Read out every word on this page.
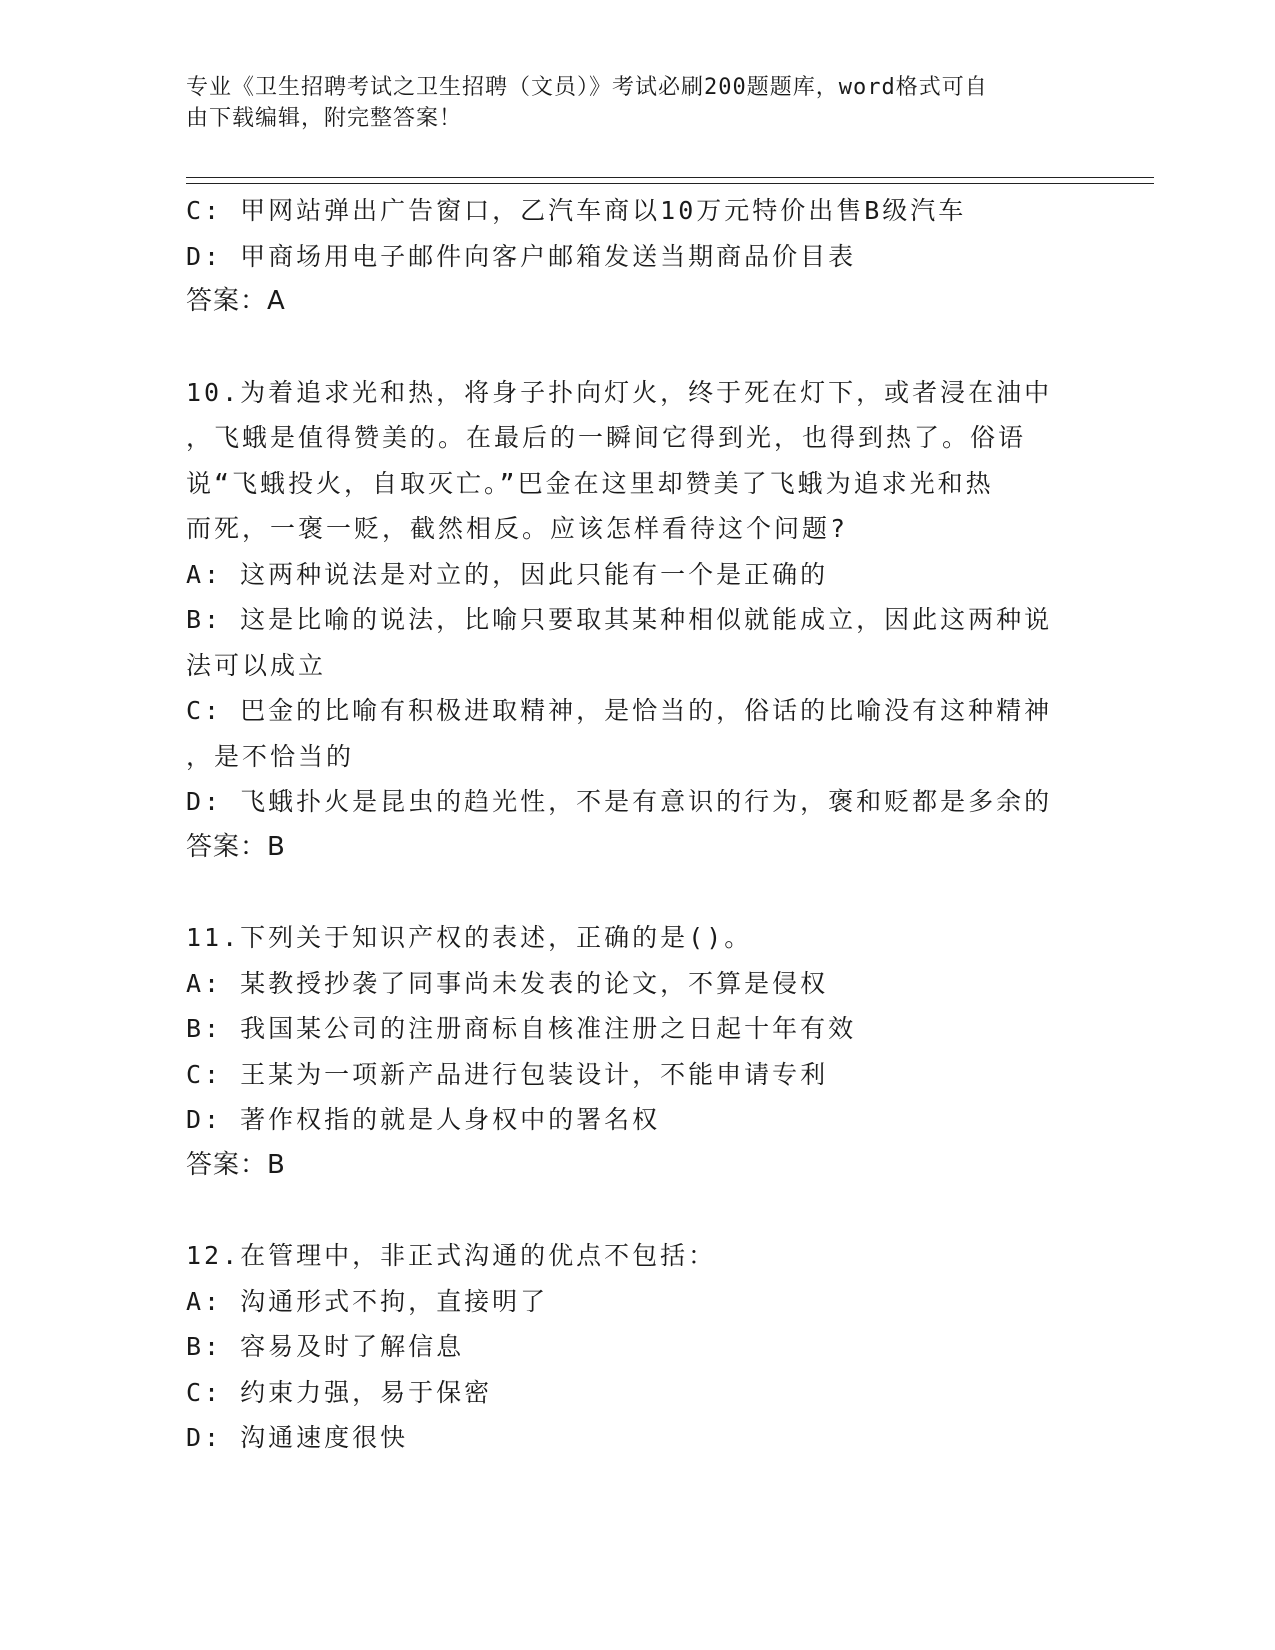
专业《卫生招聘考试之卫生招聘（文员）》考试必刷200题题库，word格式可自
由下载编辑，附完整答案！
C: 甲网站弹出广告窗口，乙汽车商以10万元特价出售B级汽车
D: 甲商场用电子邮件向客户邮箱发送当期商品价目表
答案：A
10.为着追求光和热，将身子扑向灯火，终于死在灯下，或者浸在油中
，飞蛾是值得赞美的。在最后的一瞬间它得到光，也得到热了。俗语
说“飞蛾投火，自取灭亡。”巴金在这里却赞美了飞蛾为追求光和热
而死，一褒一贬，截然相反。应该怎样看待这个问题?
A: 这两种说法是对立的，因此只能有一个是正确的
B: 这是比喻的说法，比喻只要取其某种相似就能成立，因此这两种说
法可以成立
C: 巴金的比喻有积极进取精神，是恰当的，俗话的比喻没有这种精神
，是不恰当的
D: 飞蛾扑火是昆虫的趋光性，不是有意识的行为，褒和贬都是多余的
答案：B
11.下列关于知识产权的表述，正确的是()。
A: 某教授抄袭了同事尚未发表的论文，不算是侵权
B: 我国某公司的注册商标自核准注册之日起十年有效
C: 王某为一项新产品进行包装设计，不能申请专利
D: 著作权指的就是人身权中的署名权
答案：B
12.在管理中，非正式沟通的优点不包括：
A: 沟通形式不拘，直接明了
B: 容易及时了解信息
C: 约束力强，易于保密
D: 沟通速度很快
